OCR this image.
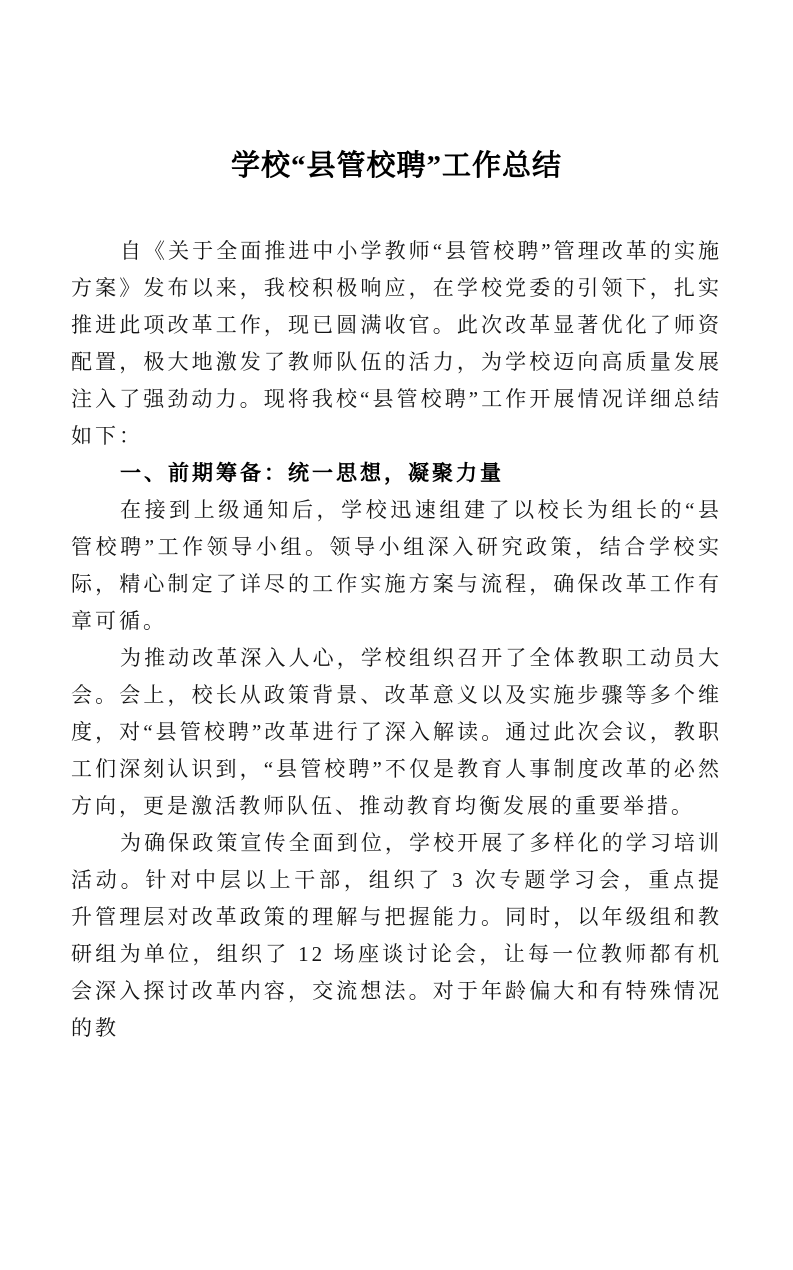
学校“县管校聘”工作总结

自《关于全面推进中小学教师“县管校聘”管理改革的实施方案》发布以来，我校积极响应，在学校党委的引领下，扎实推进此项改革工作，现已圆满收官。此次改革显著优化了师资配置，极大地激发了教师队伍的活力，为学校迈向高质量发展注入了强劲动力。现将我校“县管校聘”工作开展情况详细总结如下：

一、前期筹备：统一思想，凝聚力量

在接到上级通知后，学校迅速组建了以校长为组长的“县管校聘”工作领导小组。领导小组深入研究政策，结合学校实际，精心制定了详尽的工作实施方案与流程，确保改革工作有章可循。

为推动改革深入人心，学校组织召开了全体教职工动员大会。会上，校长从政策背景、改革意义以及实施步骤等多个维度，对“县管校聘”改革进行了深入解读。通过此次会议，教职工们深刻认识到，“县管校聘”不仅是教育人事制度改革的必然方向，更是激活教师队伍、推动教育均衡发展的重要举措。

为确保政策宣传全面到位，学校开展了多样化的学习培训活动。针对中层以上干部，组织了 3 次专题学习会，重点提升管理层对改革政策的理解与把握能力。同时，以年级组和教研组为单位，组织了 12 场座谈讨论会，让每一位教师都有机会深入探讨改革内容，交流想法。对于年龄偏大和有特殊情况的教
